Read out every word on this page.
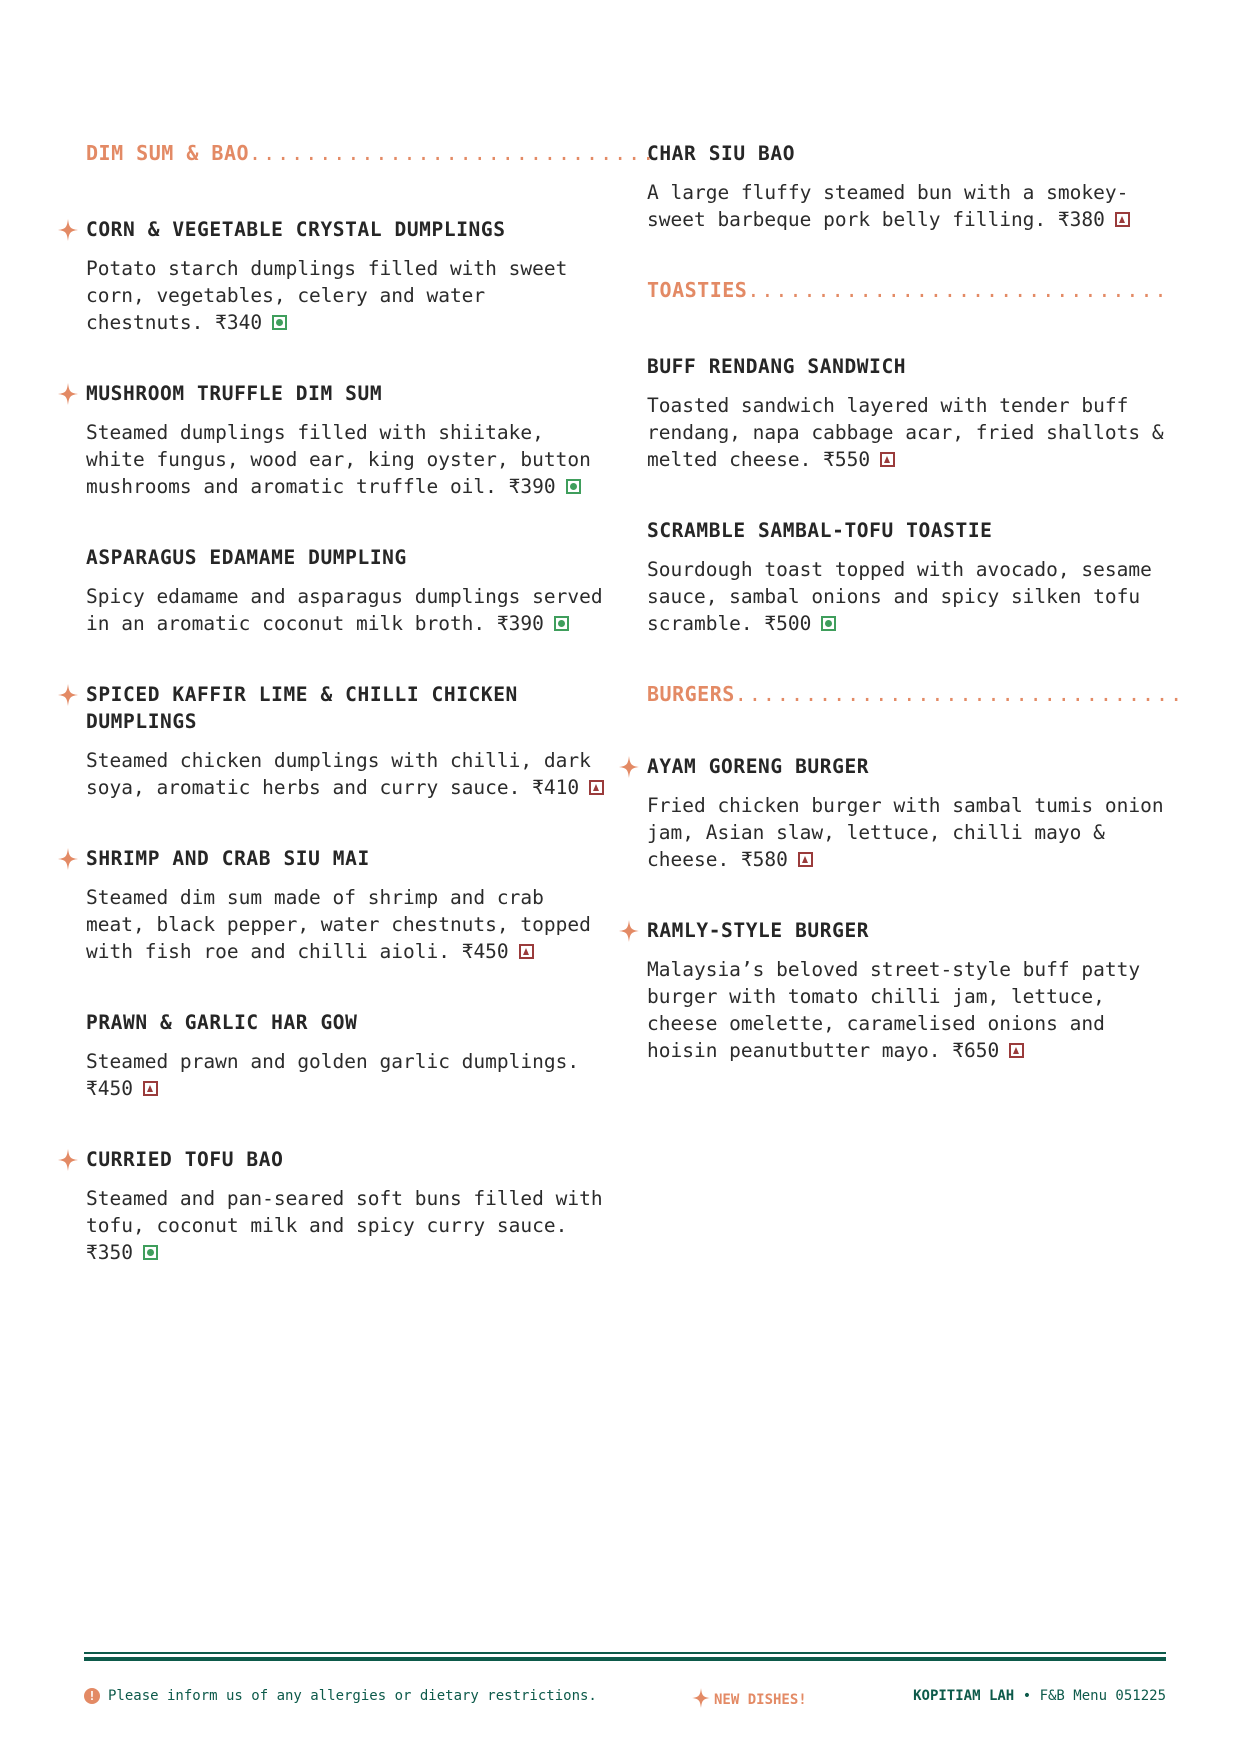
DIM SUM & BAO..............................
CORN & VEGETABLE CRYSTAL DUMPLINGS
Potato starch dumplings filled with sweet corn, vegetables, celery and water chestnuts. ₹340
MUSHROOM TRUFFLE DIM SUM
Steamed dumplings filled with shiitake, white fungus, wood ear, king oyster, button mushrooms and aromatic truffle oil. ₹390
ASPARAGUS EDAMAME DUMPLING
Spicy edamame and asparagus dumplings served in an aromatic coconut milk broth. ₹390
SPICED KAFFIR LIME & CHILLI CHICKEN DUMPLINGS
Steamed chicken dumplings with chilli, dark soya, aromatic herbs and curry sauce. ₹410
SHRIMP AND CRAB SIU MAI
Steamed dim sum made of shrimp and crab meat, black pepper, water chestnuts, topped with fish roe and chilli aioli. ₹450
PRAWN & GARLIC HAR GOW
Steamed prawn and golden garlic dumplings. ₹450
CURRIED TOFU BAO
Steamed and pan-seared soft buns filled with tofu, coconut milk and spicy curry sauce. ₹350
CHAR SIU BAO
A large fluffy steamed bun with a smokey-sweet barbeque pork belly filling. ₹380
TOASTIES..............................
BUFF RENDANG SANDWICH
Toasted sandwich layered with tender buff rendang, napa cabbage acar, fried shallots & melted cheese. ₹550
SCRAMBLE SAMBAL-TOFU TOASTIE
Sourdough toast topped with avocado, sesame sauce, sambal onions and spicy silken tofu scramble. ₹500
BURGERS................................
AYAM GORENG BURGER
Fried chicken burger with sambal tumis onion jam, Asian slaw, lettuce, chilli mayo & cheese. ₹580
RAMLY-STYLE BURGER
Malaysia’s beloved street-style buff patty burger with tomato chilli jam, lettuce, cheese omelette, caramelised onions and hoisin peanutbutter mayo. ₹650
! Please inform us of any allergies or dietary restrictions.	NEW DISHES!	KOPITIAM LAH • F&B Menu 051225
